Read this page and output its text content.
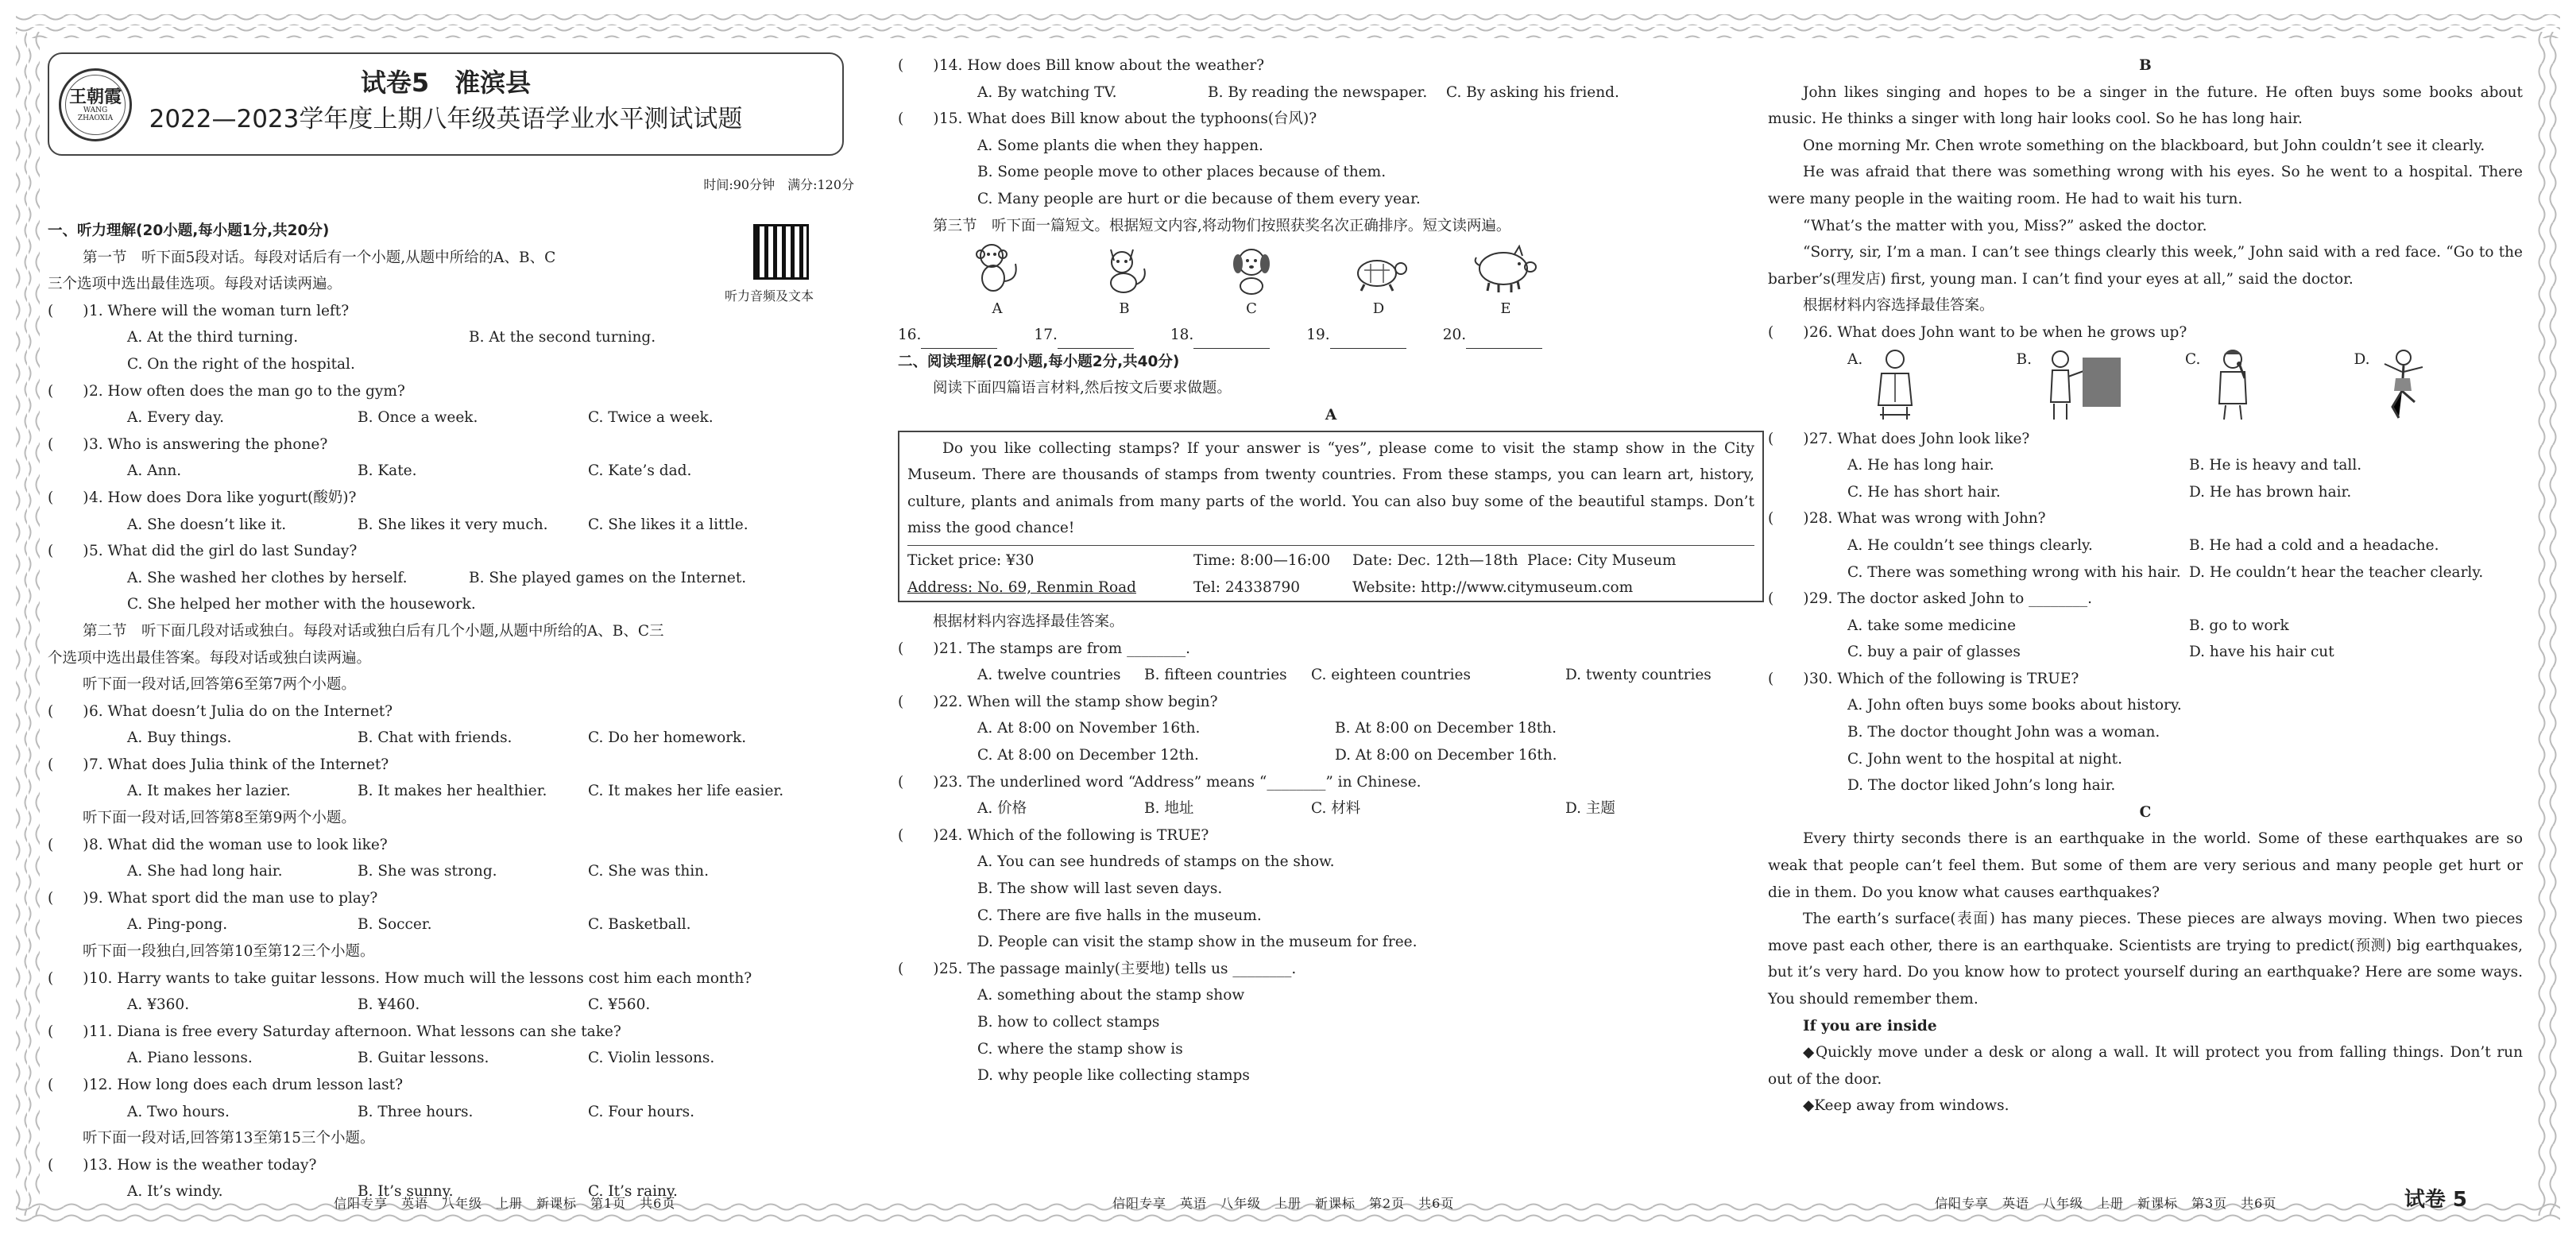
王朝霞
WANG ZHAOXIA
试卷5　淮滨县
2022—2023学年度上期八年级英语学业水平测试试题
时间:90分钟　满分:120分
听力音频及文本
一、听力理解(20小题,每小题1分,共20分)
第一节　听下面5段对话。每段对话后有一个小题,从题中所给的A、B、C
三个选项中选出最佳选项。每段对话读两遍。
(　　) 1 . Where will the woman turn left?
A. At the third turning.	B. At the second turning.
C. On the right of the hospital.
(　　) 2 . How often does the man go to the gym?
A. Every day.	B. Once a week.	C. Twice a week.
(　　) 3 . Who is answering the phone?
A. Ann.	B. Kate.	C. Kate’s dad.
(　　) 4 . How does Dora like yogurt(酸奶)?
A. She doesn’t like it.	B. She likes it very much.	C. She likes it a little.
(　　) 5 . What did the girl do last Sunday?
A. She washed her clothes by herself.	B. She played games on the Internet.
C. She helped her mother with the housework.
第二节　听下面几段对话或独白。每段对话或独白后有几个小题,从题中所给的A、B、C三
个选项中选出最佳答案。每段对话或独白读两遍。
听下面一段对话,回答第6至第7两个小题。
(　　) 6 . What doesn’t Julia do on the Internet?
A. Buy things.	B. Chat with friends.	C. Do her homework.
(　　) 7 . What does Julia think of the Internet?
A. It makes her lazier.	B. It makes her healthier.	C. It makes her life easier.
听下面一段对话,回答第8至第9两个小题。
(　　) 8 . What did the woman use to look like?
A. She had long hair.	B. She was strong.	C. She was thin.
(　　) 9 . What sport did the man use to play?
A. Ping-pong.	B. Soccer.	C. Basketball.
听下面一段独白,回答第10至第12三个小题。
(　　) 10 . Harry wants to take guitar lessons. How much will the lessons cost him each month?
A. ¥360.	B. ¥460.	C. ¥560.
(　　) 11 . Diana is free every Saturday afternoon. What lessons can she take?
A. Piano lessons.	B. Guitar lessons.	C. Violin lessons.
(　　) 12 . How long does each drum lesson last?
A. Two hours.	B. Three hours.	C. Four hours.
听下面一段对话,回答第13至第15三个小题。
(　　) 13 . How is the weather today?
A. It’s windy.	B. It’s sunny.	C. It’s rainy.
信阳专享　英语　八年级　上册　新课标　第1页　共6页
(　　) 14 . How does Bill know about the weather?
A. By watching TV.	B. By reading the newspaper.	C. By asking his friend.
(　　) 15 . What does Bill know about the typhoons(台风)?
A. Some plants die when they happen.
B. Some people move to other places because of them.
C. Many people are hurt or die because of them every year.
第三节　听下面一篇短文。根据短文内容,将动物们按照获奖名次正确排序。短文读两遍。
A	B	C	D	E
16.	17.	18.	19.	20.
二、阅读理解(20小题,每小题2分,共40分)
阅读下面四篇语言材料,然后按文后要求做题。
A
Do you like collecting stamps? If your answer is “yes”, please come to visit the stamp show in the City Museum. There are thousands of stamps from twenty countries. From these stamps, you can learn art, history, culture, plants and animals from many parts of the world. You can also buy some of the beautiful stamps. Don’t miss the good chance!
Ticket price: ¥30	Time: 8:00—16:00	Date: Dec. 12th—18th Place: City Museum
Address: No. 69, Renmin Road	Tel: 24338790	Website: http://www.citymuseum.com
根据材料内容选择最佳答案。
(　　) 21 . The stamps are from ________.
A. twelve countries	B. fifteen countries	C. eighteen countries	D. twenty countries
(　　) 22 . When will the stamp show begin?
A. At 8:00 on November 16th.	B. At 8:00 on December 18th.
C. At 8:00 on December 12th.	D. At 8:00 on December 16th.
(　　) 23 . The underlined word “Address” means “________” in Chinese.
A. 价格	B. 地址	C. 材料	D. 主题
(　　) 24 . Which of the following is TRUE?
A. You can see hundreds of stamps on the show.
B. The show will last seven days.
C. There are five halls in the museum.
D. People can visit the stamp show in the museum for free.
(　　) 25 . The passage mainly(主要地) tells us ________.
A. something about the stamp show
B. how to collect stamps
C. where the stamp show is
D. why people like collecting stamps
信阳专享　英语　八年级　上册　新课标　第2页　共6页
B
John likes singing and hopes to be a singer in the future. He often buys some books about music. He thinks a singer with long hair looks cool. So he has long hair.
One morning Mr. Chen wrote something on the blackboard, but John couldn’t see it clearly.
He was afraid that there was something wrong with his eyes. So he went to a hospital. There were many people in the waiting room. He had to wait his turn.
“What’s the matter with you, Miss?” asked the doctor.
“Sorry, sir, I’m a man. I can’t see things clearly this week,” John said with a red face. “Go to the barber’s(理发店) first, young man. I can’t find your eyes at all,” said the doctor.
根据材料内容选择最佳答案。
(　　) 26 . What does John want to be when he grows up?
A.	B.	C.	D.
(　　) 27 . What does John look like?
A. He has long hair.	B. He is heavy and tall.
C. He has short hair.	D. He has brown hair.
(　　) 28 . What was wrong with John?
A. He couldn’t see things clearly.	B. He had a cold and a headache.
C. There was something wrong with his hair. D. He couldn’t hear the teacher clearly.
(　　) 29 . The doctor asked John to ________.
A. take some medicine	B. go to work
C. buy a pair of glasses	D. have his hair cut
(　　) 30 . Which of the following is TRUE?
A. John often buys some books about history.
B. The doctor thought John was a woman.
C. John went to the hospital at night.
D. The doctor liked John’s long hair.
C
Every thirty seconds there is an earthquake in the world. Some of these earthquakes are so weak that people can’t feel them. But some of them are very serious and many people get hurt or die in them. Do you know what causes earthquakes?
The earth’s surface(表面) has many pieces. These pieces are always moving. When two pieces move past each other, there is an earthquake. Scientists are trying to predict(预测) big earthquakes, but it’s very hard. Do you know how to protect yourself during an earthquake? Here are some ways. You should remember them.
If you are inside
◆Quickly move under a desk or along a wall. It will protect you from falling things. Don’t run out of the door.
◆Keep away from windows.
信阳专享　英语　八年级　上册　新课标　第3页　共6页	试卷 5
